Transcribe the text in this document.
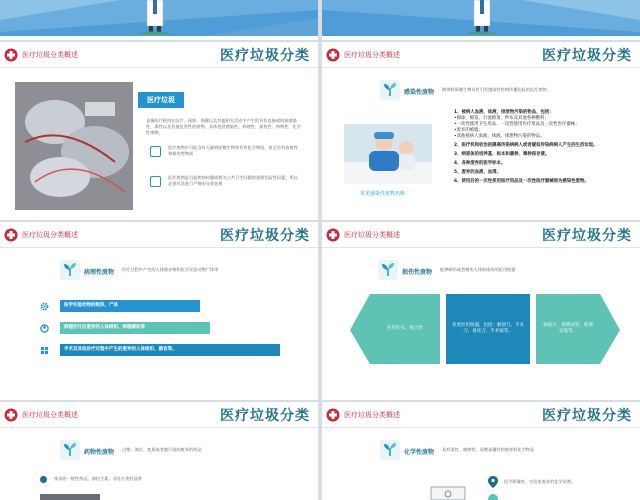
医疗垃圾分类概述	医疗垃圾分类
医疗垃圾
是指医疗机构在医疗、预防、保健以及其他相关活动中产生的具有直接或间接感染性、毒性以及其他危害性的废物。具体包括感染性、病理性、损伤性、药物性、化学性废物。
医疗废物中可能含有大量病原微生物和有害化学物质，甚至会有放射性和损伤性物质
医疗废物是引起疾病传播或相关公共卫生问题的重要危险性因素，所以必须对其进行严格的分类处理
医疗垃圾分类概述	医疗垃圾分类
感染性废物 携带病原微生物具有引发感染性疾病传播危险的医疗废物。
常见感染性废物名称
1、被病人血液、体液、排泄物污染的物品，包括：
•棉球、棉签、引流棉条、纱布及其他各种敷料；
•一次性使用卫生用品、一次性使用医疗用品及一次性医疗器械；
•废弃的被服；
•其他被病人血液、体液、排泄物污染的物品。
2、医疗机构收治的隔离传染病病人或者疑似传染病病人产生的生活垃圾。
3、病原体的培养基、标本和菌种、毒种保存液。
4、各种废弃的医学标本。
5、废弃的血液、血清。
6、使用后的一次性使用医疗用品及一次性医疗器械视为感染性废物。
医疗垃圾分类概述	医疗垃圾分类
病理性废物 诊疗过程中产生的人体废弃物和医学实验动物尸体等
医学实验动物的组织、尸体
病理切片后废弃的人体组织、病理蜡块等
手术及其他诊疗过程中产生的废弃的人体组织、器官等。
医疗垃圾分类概述	医疗垃圾分类
损伤性废物 能够刺伤或者割伤人体的废弃的医用锐器
医用针头、缝合针
各类医用锐器，包括：解剖刀、手术刀、备皮刀、手术锯等。
载玻片、玻璃试管、玻璃安瓿等。
医疗垃圾分类概述	医疗垃圾分类
药物性废物 过期、淘汰、变质或者被污染的废弃的药品
废弃的一般性药品，如抗生素、非处方类药品等
医疗垃圾分类概述	医疗垃圾分类
化学性废物 具有毒性、腐蚀性、易燃易爆性的废弃的化学物品
医学影像室、实验室废弃的化学试剂。
